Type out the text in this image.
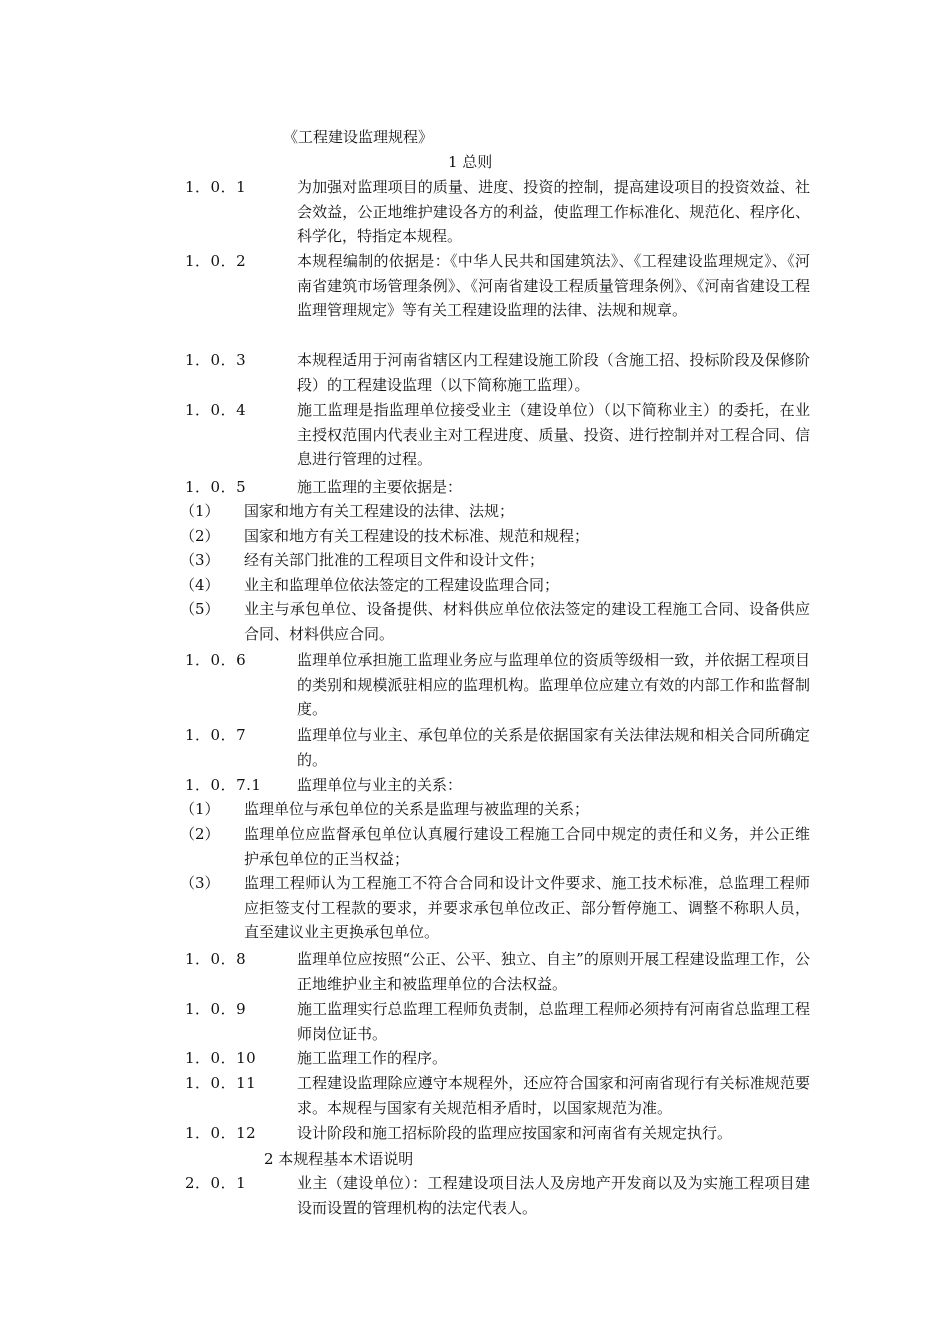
《工程建设监理规程》
1 总则
1．0．1	为加强对监理项目的质量、进度、投资的控制，提高建设项目的投资效益、社会效益，公正地维护建设各方的利益，使监理工作标准化、规范化、程序化、科学化，特指定本规程。
1．0．2	本规程编制的依据是：《中华人民共和国建筑法》、《工程建设监理规定》、《河南省建筑市场管理条例》、《河南省建设工程质量管理条例》、《河南省建设工程监理管理规定》等有关工程建设监理的法律、法规和规章。
1．0．3	本规程适用于河南省辖区内工程建设施工阶段（含施工招、投标阶段及保修阶段）的工程建设监理（以下简称施工监理）。
1．0．4	施工监理是指监理单位接受业主（建设单位）（以下简称业主）的委托，在业主授权范围内代表业主对工程进度、质量、投资、进行控制并对工程合同、信息进行管理的过程。
1．0．5	施工监理的主要依据是：
（1） 国家和地方有关工程建设的法律、法规；
（2） 国家和地方有关工程建设的技术标准、规范和规程；
（3） 经有关部门批准的工程项目文件和设计文件；
（4） 业主和监理单位依法签定的工程建设监理合同；
（5） 业主与承包单位、设备提供、材料供应单位依法签定的建设工程施工合同、设备供应合同、材料供应合同。
1．0．6	监理单位承担施工监理业务应与监理单位的资质等级相一致，并依据工程项目的类别和规模派驻相应的监理机构。监理单位应建立有效的内部工作和监督制度。
1．0．7	监理单位与业主、承包单位的关系是依据国家有关法律法规和相关合同所确定的。
1．0．7.1 监理单位与业主的关系：
（1） 监理单位与承包单位的关系是监理与被监理的关系；
（2） 监理单位应监督承包单位认真履行建设工程施工合同中规定的责任和义务，并公正维护承包单位的正当权益；
（3） 监理工程师认为工程施工不符合合同和设计文件要求、施工技术标准，总监理工程师应拒签支付工程款的要求，并要求承包单位改正、部分暂停施工、调整不称职人员，直至建议业主更换承包单位。
1．0．8	监理单位应按照“公正、公平、独立、自主”的原则开展工程建设监理工作，公正地维护业主和被监理单位的合法权益。
1．0．9	施工监理实行总监理工程师负责制，总监理工程师必须持有河南省总监理工程师岗位证书。
1．0．10	施工监理工作的程序。
1．0．11	工程建设监理除应遵守本规程外，还应符合国家和河南省现行有关标准规范要求。本规程与国家有关规范相矛盾时，以国家规范为准。
1．0．12	设计阶段和施工招标阶段的监理应按国家和河南省有关规定执行。
2 本规程基本术语说明
2．0．1	业主（建设单位）：工程建设项目法人及房地产开发商以及为实施工程项目建设而设置的管理机构的法定代表人。
